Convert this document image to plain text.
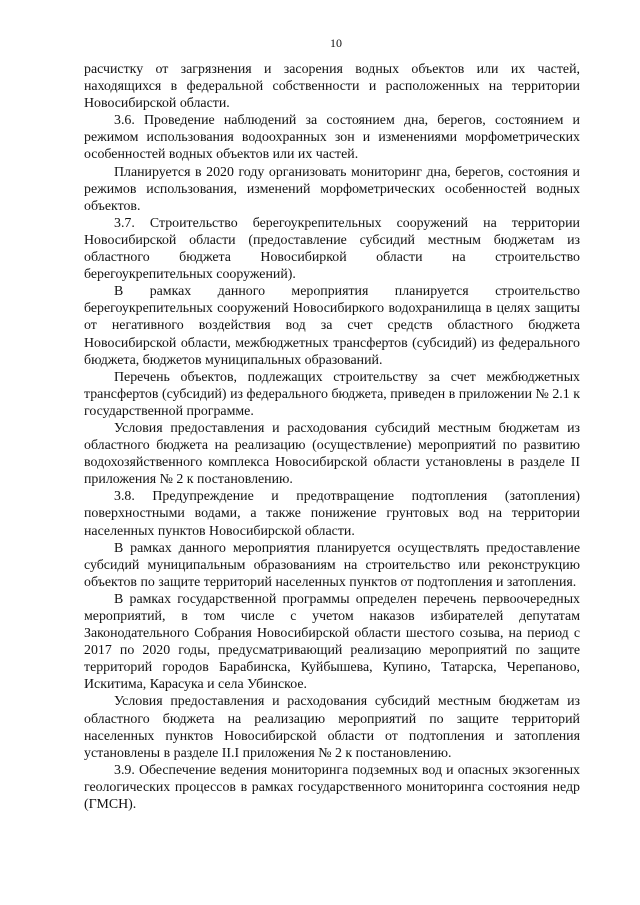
10

расчистку от загрязнения и засорения водных объектов или их частей, находящихся в федеральной собственности и расположенных на территории Новосибирской области.

3.6. Проведение наблюдений за состоянием дна, берегов, состоянием и режимом использования водоохранных зон и изменениями морфометрических особенностей водных объектов или их частей.

Планируется в 2020 году организовать мониторинг дна, берегов, состояния и режимов использования, изменений морфометрических особенностей водных объектов.

3.7. Строительство берегоукрепительных сооружений на территории Новосибирской области (предоставление субсидий местным бюджетам из областного бюджета Новосибиркой области на строительство берегоукрепительных сооружений).

В рамках данного мероприятия планируется строительство берегоукрепительных сооружений Новосибиркого водохранилища в целях защиты от негативного воздействия вод за счет средств областного бюджета Новосибирской области, межбюджетных трансфертов (субсидий) из федерального бюджета, бюджетов муниципальных образований.

Перечень объектов, подлежащих строительству за счет межбюджетных трансфертов (субсидий) из федерального бюджета, приведен в приложении № 2.1 к государственной программе.

Условия предоставления и расходования субсидий местным бюджетам из областного бюджета на реализацию (осуществление) мероприятий по развитию водохозяйственного комплекса Новосибирской области установлены в разделе II приложения № 2 к постановлению.

3.8. Предупреждение и предотвращение подтопления (затопления) поверхностными водами, а также понижение грунтовых вод на территории населенных пунктов Новосибирской области.

В рамках данного мероприятия планируется осуществлять предоставление субсидий муниципальным образованиям на строительство или реконструкцию объектов по защите территорий населенных пунктов от подтопления и затопления.

В рамках государственной программы определен перечень первоочередных мероприятий, в том числе с учетом наказов избирателей депутатам Законодательного Собрания Новосибирской области шестого созыва, на период с 2017 по 2020 годы, предусматривающий реализацию мероприятий по защите территорий городов Барабинска, Куйбышева, Купино, Татарска, Черепаново, Искитима, Карасука и села Убинское.

Условия предоставления и расходования субсидий местным бюджетам из областного бюджета на реализацию мероприятий по защите территорий населенных пунктов Новосибирской области от подтопления и затопления установлены в разделе II.I приложения № 2 к постановлению.

3.9. Обеспечение ведения мониторинга подземных вод и опасных экзогенных геологических процессов в рамках государственного мониторинга состояния недр (ГМСН).
